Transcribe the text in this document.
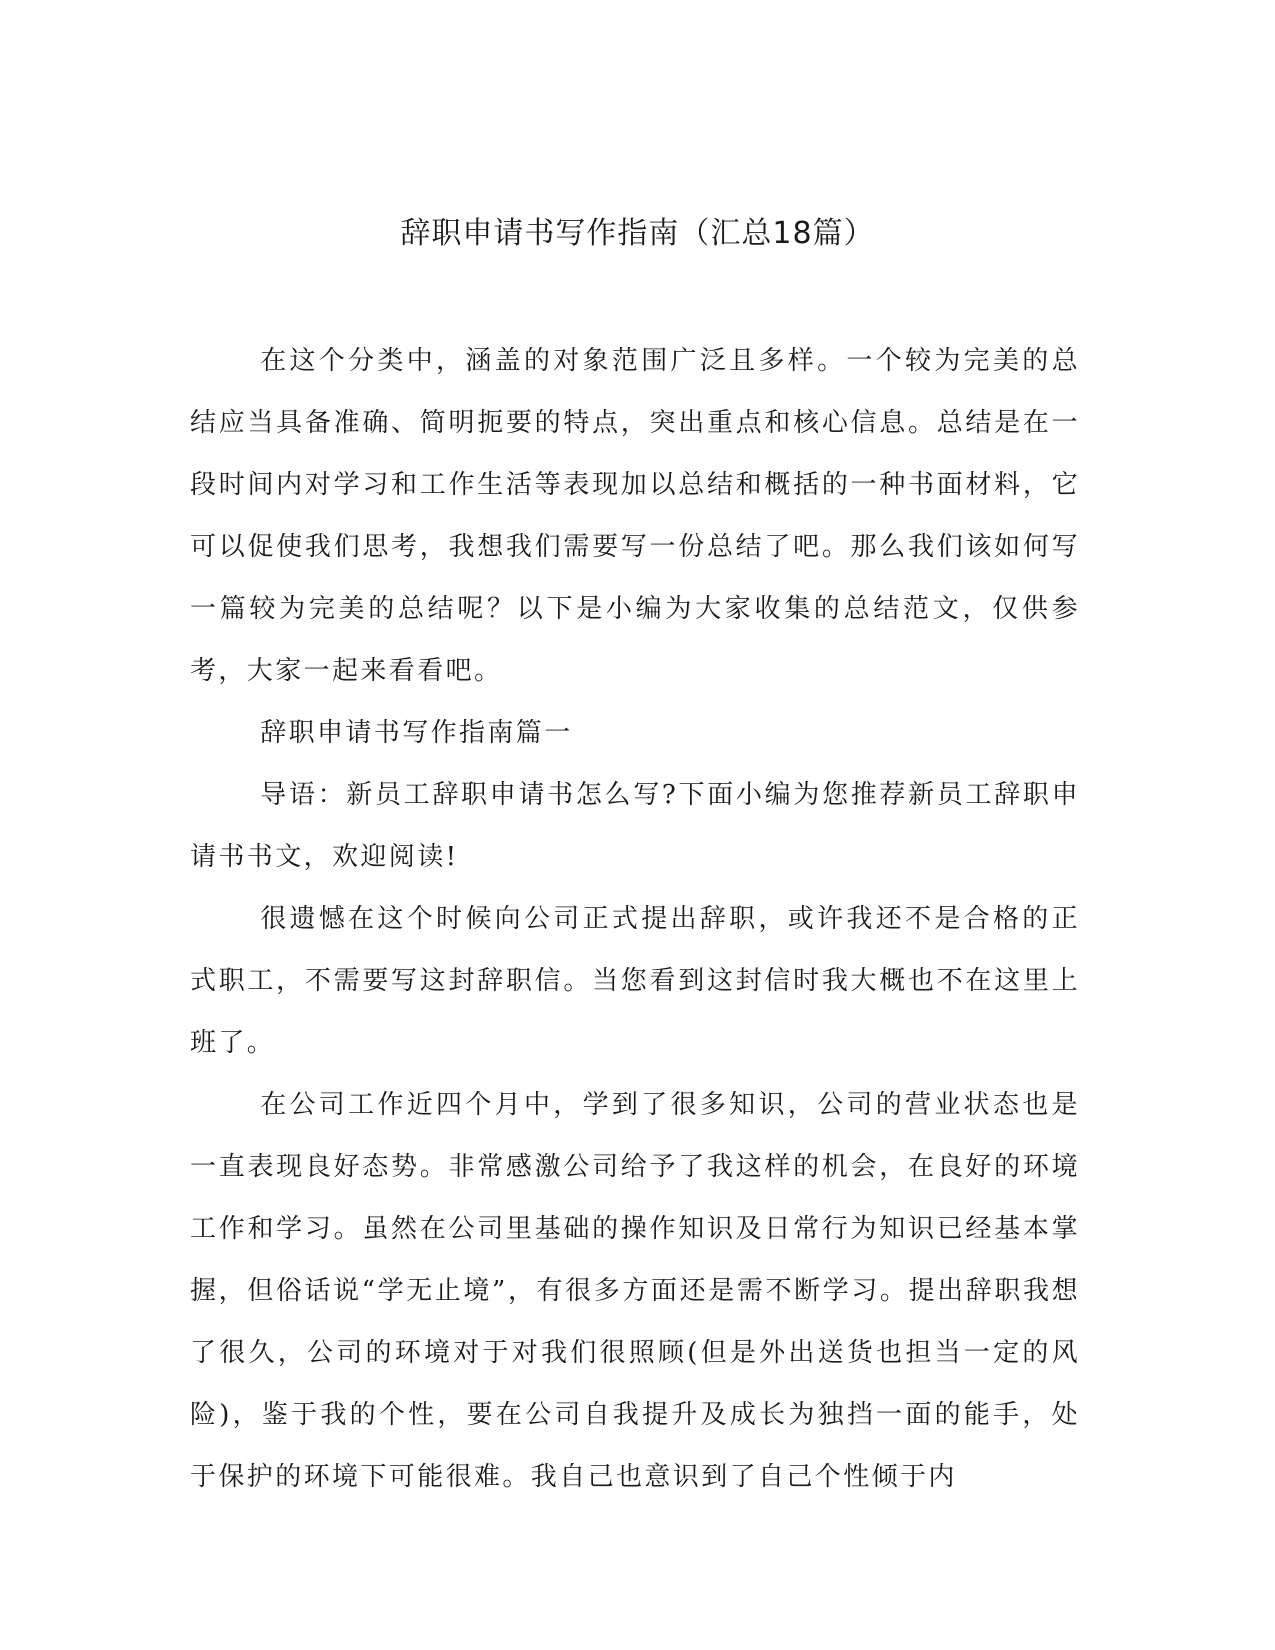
辞职申请书写作指南（汇总18篇）

在这个分类中，涵盖的对象范围广泛且多样。一个较为完美的总结应当具备准确、简明扼要的特点，突出重点和核心信息。总结是在一段时间内对学习和工作生活等表现加以总结和概括的一种书面材料，它可以促使我们思考，我想我们需要写一份总结了吧。那么我们该如何写一篇较为完美的总结呢？以下是小编为大家收集的总结范文，仅供参考，大家一起来看看吧。

辞职申请书写作指南篇一

导语：新员工辞职申请书怎么写?下面小编为您推荐新员工辞职申请书书文，欢迎阅读!

很遗憾在这个时候向公司正式提出辞职，或许我还不是合格的正式职工，不需要写这封辞职信。当您看到这封信时我大概也不在这里上班了。

在公司工作近四个月中，学到了很多知识，公司的营业状态也是一直表现良好态势。非常感激公司给予了我这样的机会，在良好的环境工作和学习。虽然在公司里基础的操作知识及日常行为知识已经基本掌握，但俗话说“学无止境”，有很多方面还是需不断学习。提出辞职我想了很久，公司的环境对于对我们很照顾(但是外出送货也担当一定的风险)，鉴于我的个性，要在公司自我提升及成长为独挡一面的能手，处于保护的环境下可能很难。我自己也意识到了自己个性倾于内
